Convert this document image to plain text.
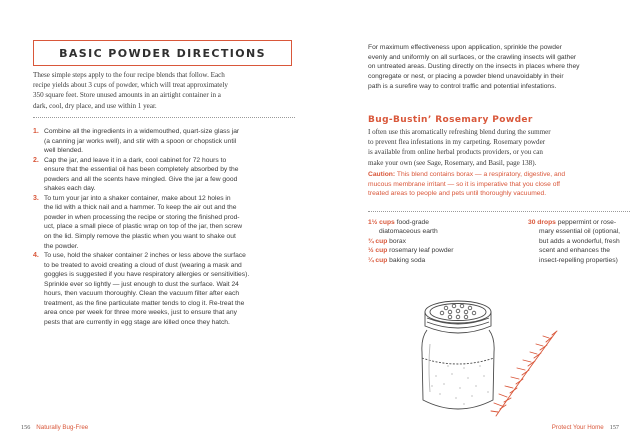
BASIC POWDER DIRECTIONS
These simple steps apply to the four recipe blends that follow. Each
recipe yields about 3 cups of powder, which will treat approximately
350 square feet. Store unused amounts in an airtight container in a
dark, cool, dry place, and use within 1 year.
1. Combine all the ingredients in a widemouthed, quart-size glass jar
(a canning jar works well), and stir with a spoon or chopstick until
well blended.
2. Cap the jar, and leave it in a dark, cool cabinet for 72 hours to
ensure that the essential oil has been completely absorbed by the
powders and all the scents have mingled. Give the jar a few good
shakes each day.
3. To turn your jar into a shaker container, make about 12 holes in
the lid with a thick nail and a hammer. To keep the air out and the
powder in when processing the recipe or storing the finished prod-
uct, place a small piece of plastic wrap on top of the jar, then screw
on the lid. Simply remove the plastic when you want to shake out
the powder.
4. To use, hold the shaker container 2 inches or less above the surface
to be treated to avoid creating a cloud of dust (wearing a mask and
goggles is suggested if you have respiratory allergies or sensitivities).
Sprinkle ever so lightly — just enough to dust the surface. Wait 24
hours, then vacuum thoroughly. Clean the vacuum filter after each
treatment, as the fine particulate matter tends to clog it. Re-treat the
area once per week for three more weeks, just to ensure that any
pests that are currently in egg stage are killed once they hatch.
156 Naturally Bug-Free
For maximum effectiveness upon application, sprinkle the powder
evenly and uniformly on all surfaces, or the crawling insects will gather
on untreated areas. Dusting directly on the insects in places where they
congregate or nest, or placing a powder blend unavoidably in their
path is a surefire way to control traffic and potential infestations.
Bug-Bustin’ Rosemary Powder
I often use this aromatically refreshing blend during the summer
to prevent flea infestations in my carpeting. Rosemary powder
is available from online herbal products providers, or you can
make your own (see Sage, Rosemary, and Basil, page 138).
Caution: This blend contains borax — a respiratory, digestive, and
mucous membrane irritant — so it is imperative that you close off
treated areas to people and pets until thoroughly vacuumed.
1½ cups food-grade
diatomaceous earth
¾ cup borax
½ cup rosemary leaf powder
¼ cup baking soda
30 drops peppermint or rose-
mary essential oil (optional,
but adds a wonderful, fresh
scent and enhances the
insect-repelling properties)
Protect Your Home 157
